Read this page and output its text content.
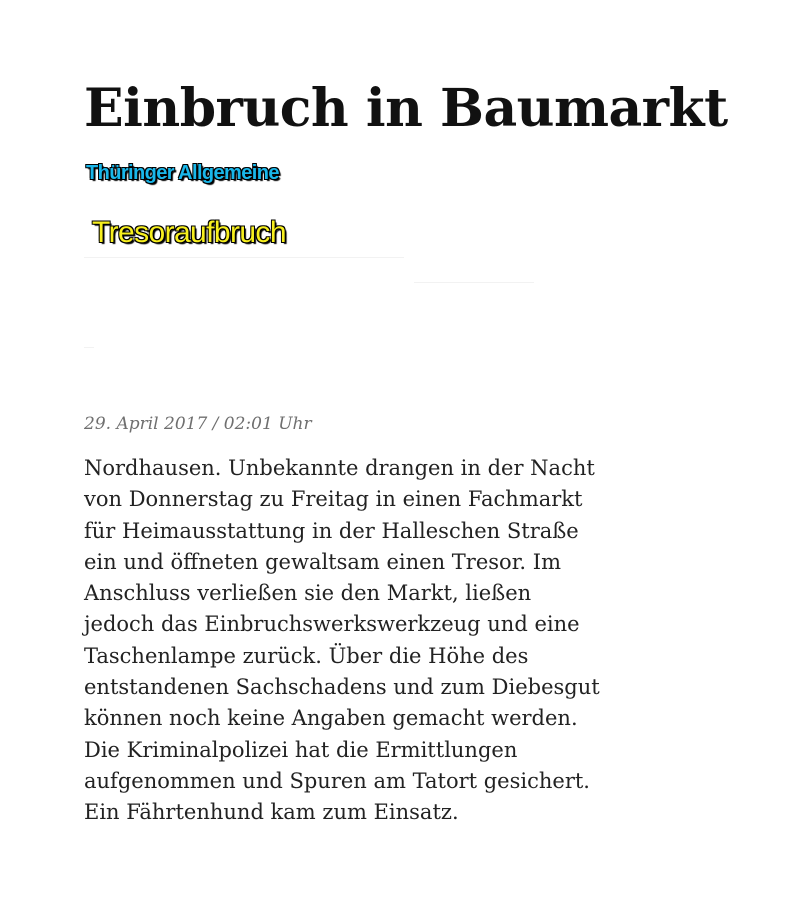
Einbruch in Baumarkt
Thüringer Allgemeine
Tresoraufbruch
29. April 2017 / 02:01 Uhr
Nordhausen. Unbekannte drangen in der Nacht
von Donnerstag zu Freitag in einen Fachmarkt
für Heimausstattung in der Halleschen Straße
ein und öffneten gewaltsam einen Tresor. Im
Anschluss verließen sie den Markt, ließen
jedoch das Einbruchswerkswerkzeug und eine
Taschenlampe zurück. Über die Höhe des
entstandenen Sachschadens und zum Diebesgut
können noch keine Angaben gemacht werden.
Die Kriminalpolizei hat die Ermittlungen
aufgenommen und Spuren am Tatort gesichert.
Ein Fährtenhund kam zum Einsatz.
